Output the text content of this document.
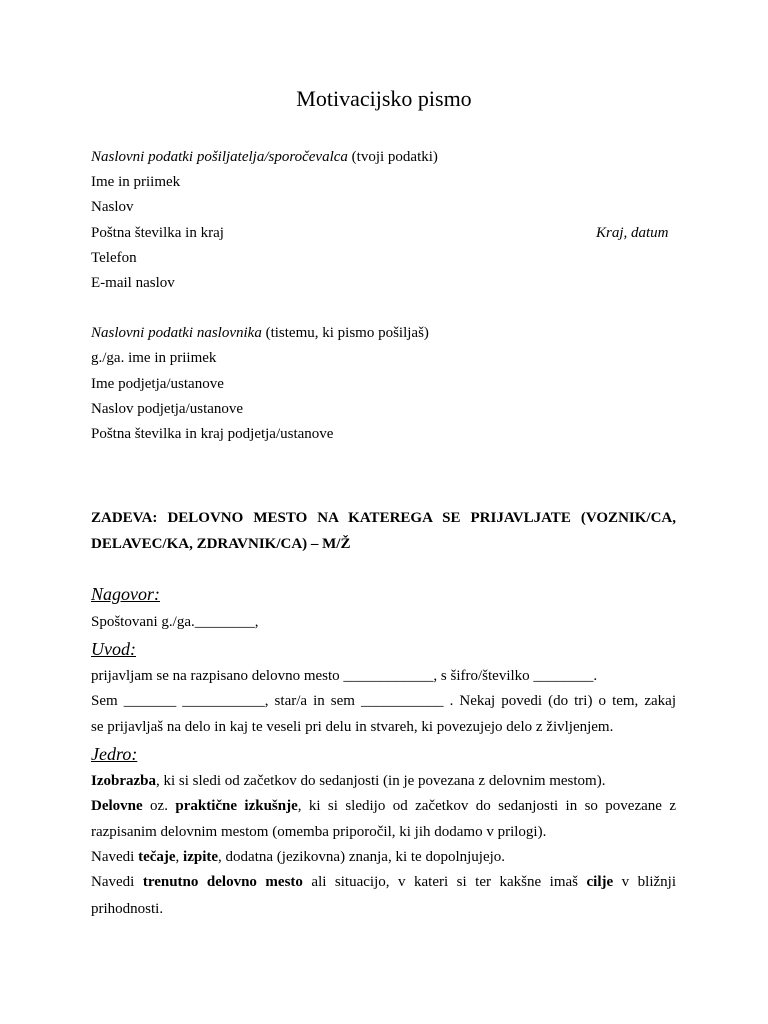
Motivacijsko pismo
Naslovni podatki pošiljatelja/sporočevalca (tvoji podatki)
Ime in priimek
Naslov
Poštna številka in kraj	Kraj, datum
Telefon
E-mail naslov
Naslovni podatki naslovnika (tistemu, ki pismo pošiljaš)
g./ga. ime in priimek
Ime podjetja/ustanove
Naslov podjetja/ustanove
Poštna številka in kraj podjetja/ustanove
ZADEVA: DELOVNO MESTO NA KATEREGA SE PRIJAVLJATE (VOZNIK/CA,
DELAVEC/KA, ZDRAVNIK/CA) – M/Ž
Nagovor:
Spoštovani g./ga.________,
Uvod:
prijavljam se na razpisano delovno mesto ____________, s šifro/številko ________.
Sem _______ ___________, star/a in sem ___________ . Nekaj povedi (do tri) o tem, zakaj
se prijavljaš na delo in kaj te veseli pri delu in stvareh, ki povezujejo delo z življenjem.
Jedro:
Izobrazba, ki si sledi od začetkov do sedanjosti (in je povezana z delovnim mestom).
Delovne oz. praktične izkušnje, ki si sledijo od začetkov do sedanjosti in so povezane z
razpisanim delovnim mestom (omemba priporočil, ki jih dodamo v prilogi).
Navedi tečaje, izpite, dodatna (jezikovna) znanja, ki te dopolnjujejo.
Navedi trenutno delovno mesto ali situacijo, v kateri si ter kakšne imaš cilje v bližnji
prihodnosti.
